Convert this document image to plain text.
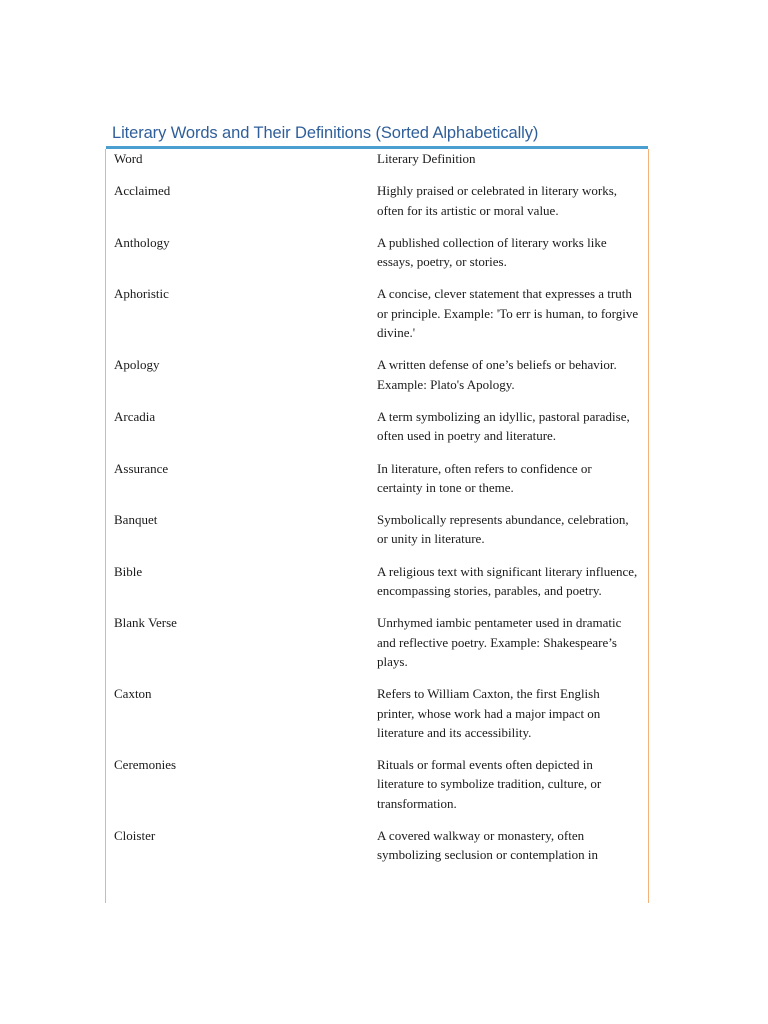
Literary Words and Their Definitions (Sorted Alphabetically)
Word	Literary Definition
Acclaimed	Highly praised or celebrated in literary works, often for its artistic or moral value.
Anthology	A published collection of literary works like essays, poetry, or stories.
Aphoristic	A concise, clever statement that expresses a truth or principle. Example: 'To err is human, to forgive divine.'
Apology	A written defense of one’s beliefs or behavior. Example: Plato's Apology.
Arcadia	A term symbolizing an idyllic, pastoral paradise, often used in poetry and literature.
Assurance	In literature, often refers to confidence or certainty in tone or theme.
Banquet	Symbolically represents abundance, celebration, or unity in literature.
Bible	A religious text with significant literary influence, encompassing stories, parables, and poetry.
Blank Verse	Unrhymed iambic pentameter used in dramatic and reflective poetry. Example: Shakespeare’s plays.
Caxton	Refers to William Caxton, the first English printer, whose work had a major impact on literature and its accessibility.
Ceremonies	Rituals or formal events often depicted in literature to symbolize tradition, culture, or transformation.
Cloister	A covered walkway or monastery, often symbolizing seclusion or contemplation in
